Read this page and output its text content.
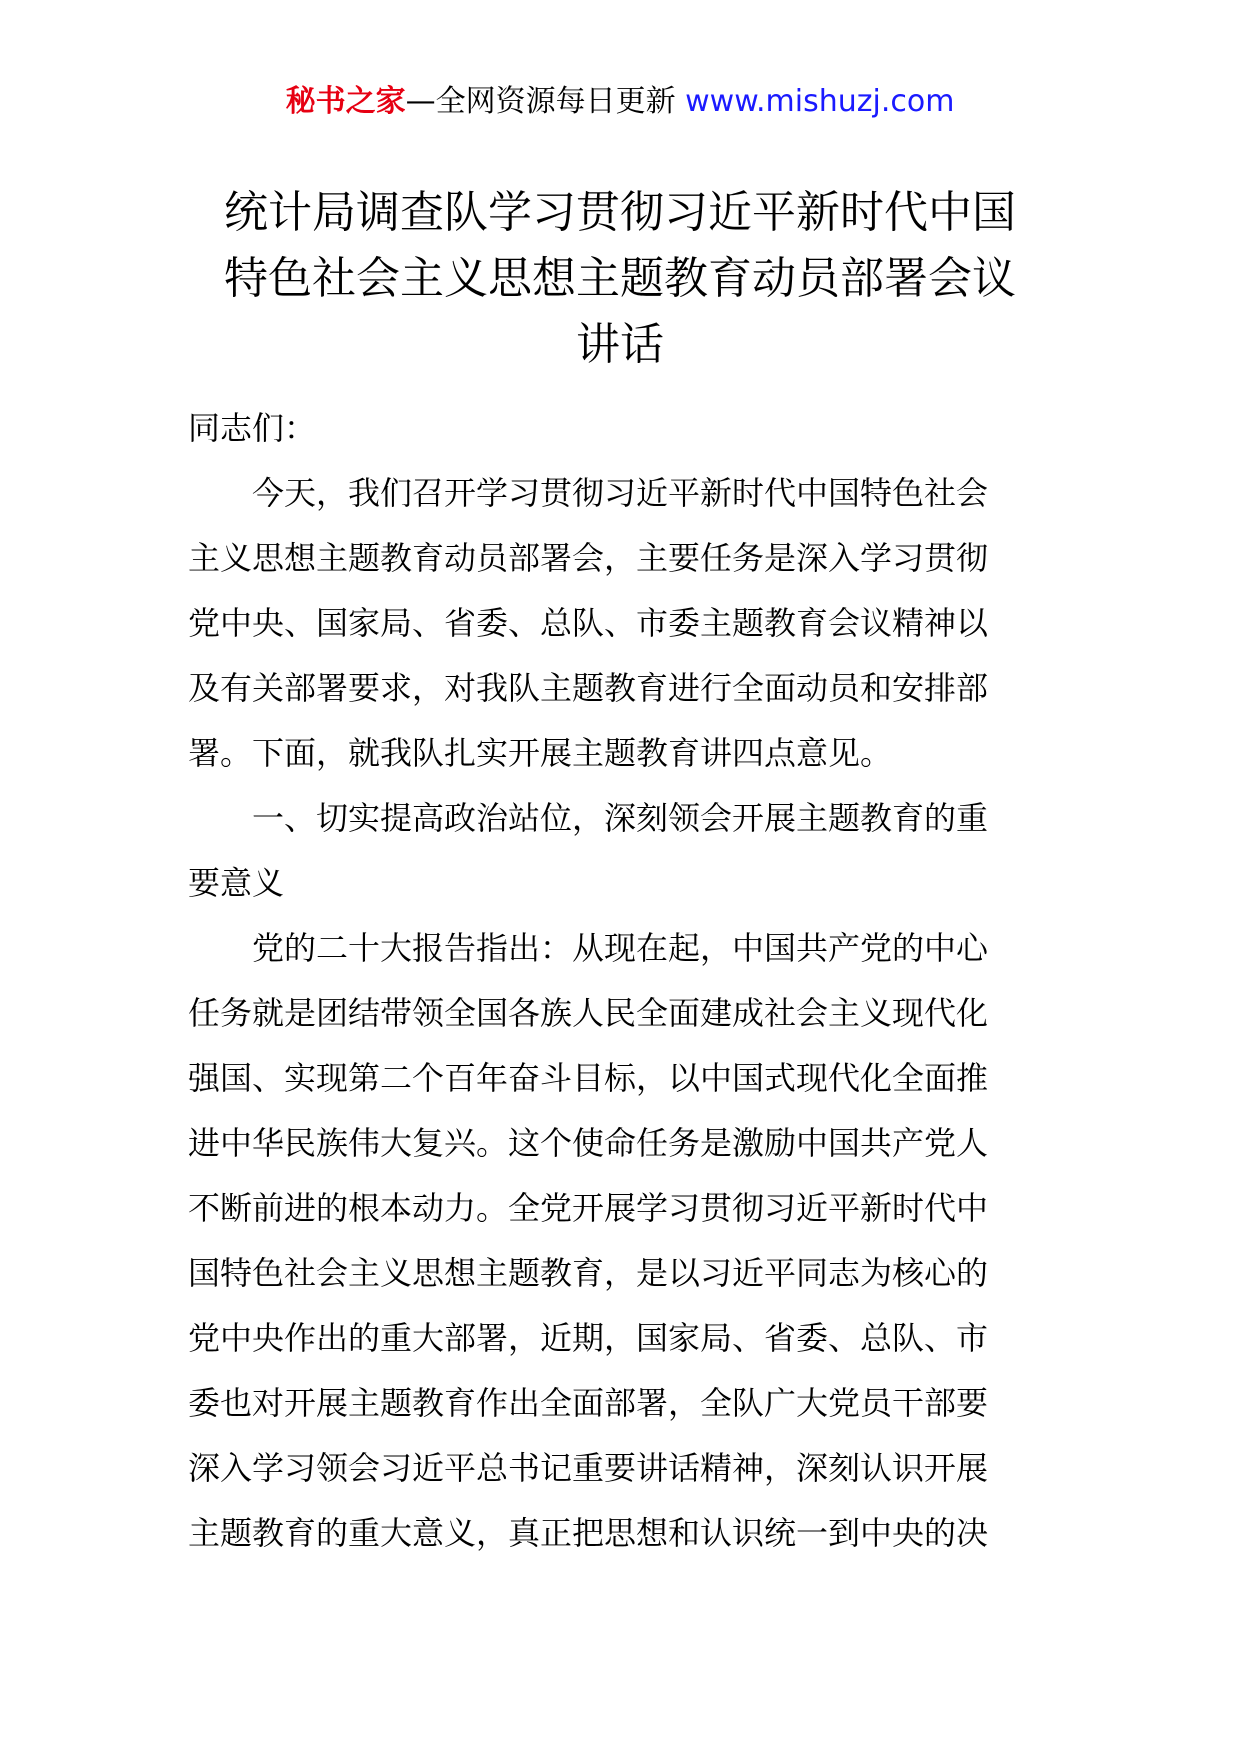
秘书之家—全网资源每日更新 www.mishuzj.com
统计局调查队学习贯彻习近平新时代中国
特色社会主义思想主题教育动员部署会议
讲话
同志们：
　　今天，我们召开学习贯彻习近平新时代中国特色社会
主义思想主题教育动员部署会，主要任务是深入学习贯彻
党中央、国家局、省委、总队、市委主题教育会议精神以
及有关部署要求，对我队主题教育进行全面动员和安排部
署。下面，就我队扎实开展主题教育讲四点意见。
　　一、切实提高政治站位，深刻领会开展主题教育的重
要意义
　　党的二十大报告指出：从现在起，中国共产党的中心
任务就是团结带领全国各族人民全面建成社会主义现代化
强国、实现第二个百年奋斗目标，以中国式现代化全面推
进中华民族伟大复兴。这个使命任务是激励中国共产党人
不断前进的根本动力。全党开展学习贯彻习近平新时代中
国特色社会主义思想主题教育，是以习近平同志为核心的
党中央作出的重大部署，近期，国家局、省委、总队、市
委也对开展主题教育作出全面部署，全队广大党员干部要
深入学习领会习近平总书记重要讲话精神，深刻认识开展
主题教育的重大意义，真正把思想和认识统一到中央的决
